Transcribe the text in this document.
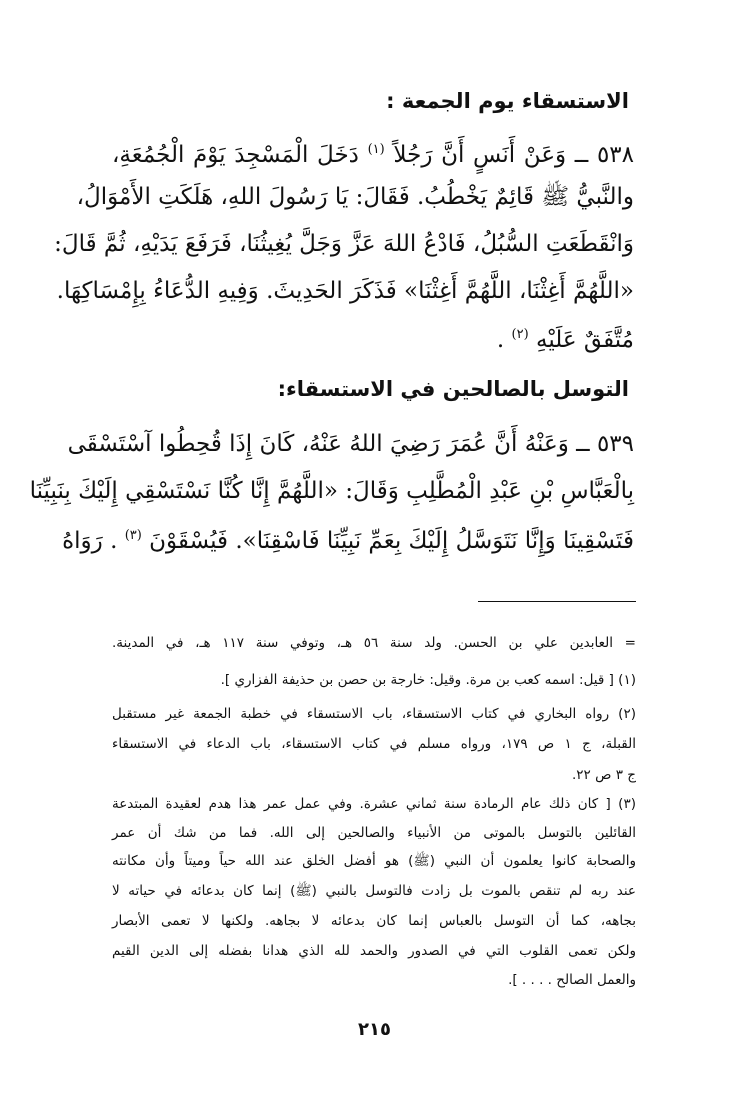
الاستسقاء يوم الجمعة :
٥٣٨ ــ وَعَنْ أَنَسٍ أَنَّ رَجُلاً $^{(١)}$ دَخَلَ الْمَسْجِدَ يَوْمَ الْجُمُعَةِ،
والنَّبيُّ ﷺ قَائِمٌ يَخْطُبُ. فَقَالَ: يَا رَسُولَ اللهِ، هَلَكَتِ الأَمْوَالُ،
وَانْقَطَعَتِ السُّبُلُ، فَادْعُ اللهَ عَزَّ وَجَلَّ يُغِيثُنَا، فَرَفَعَ يَدَيْهِ، ثُمَّ قَالَ:
«اللَّهُمَّ أَغِثْنَا، اللَّهُمَّ أَغِثْنَا» فَذَكَرَ الحَدِيثَ. وَفِيهِ الدُّعَاءُ بِإِمْسَاكِهَا.
مُتَّفَقٌ عَلَيْهِ $^{(٢)}$ .
التوسل بالصالحين في الاستسقاء:
٥٣٩ ــ وَعَنْهُ أَنَّ عُمَرَ رَضِيَ اللهُ عَنْهُ، كَانَ إِذَا قُحِطُوا آسْتَسْقَى
بِالْعَبَّاسِ بْنِ عَبْدِ الْمُطَّلِبِ وَقَالَ: «اللَّهُمَّ إِنَّا كُنَّا نَسْتَسْقِي إِلَيْكَ بِنَبِيِّنَا
فَتَسْقِينَا وَإِنَّا نَتَوَسَّلُ إِلَيْكَ بِعَمِّ نَبِيِّنَا فَاسْقِنَا». فَيُسْقَوْنَ $^{(٣)}$ . رَوَاهُ
= العابدين علي بن الحسن. ولد سنة ٥٦ هـ، وتوفي سنة ١١٧ هـ، في المدينة.
(١) [ قيل: اسمه كعب بن مرة. وقيل: خارجة بن حصن بن حذيفة الفزاري ].
(٢) رواه البخاري في كتاب الاستسقاء، باب الاستسقاء في خطبة الجمعة غير مستقبل
القبلة، ج ١ ص ١٧٩، ورواه مسلم في كتاب الاستسقاء، باب الدعاء في الاستسقاء
ج ٣ ص ٢٢.
(٣) [ كان ذلك عام الرمادة سنة ثماني عشرة. وفي عمل عمر هذا هدم لعقيدة المبتدعة
القائلين بالتوسل بالموتى من الأنبياء والصالحين إلى الله. فما من شك أن عمر
والصحابة كانوا يعلمون أن النبي (ﷺ) هو أفضل الخلق عند الله حياً وميتاً وأن مكانته
عند ربه لم تنقص بالموت بل زادت فالتوسل بالنبي (ﷺ) إنما كان بدعائه في حياته لا
بجاهه، كما أن التوسل بالعباس إنما كان بدعائه لا بجاهه. ولكنها لا تعمى الأبصار
ولكن تعمى القلوب التي في الصدور والحمد لله الذي هدانا بفضله إلى الدين القيم
والعمل الصالح . . . . ].
٢١٥
